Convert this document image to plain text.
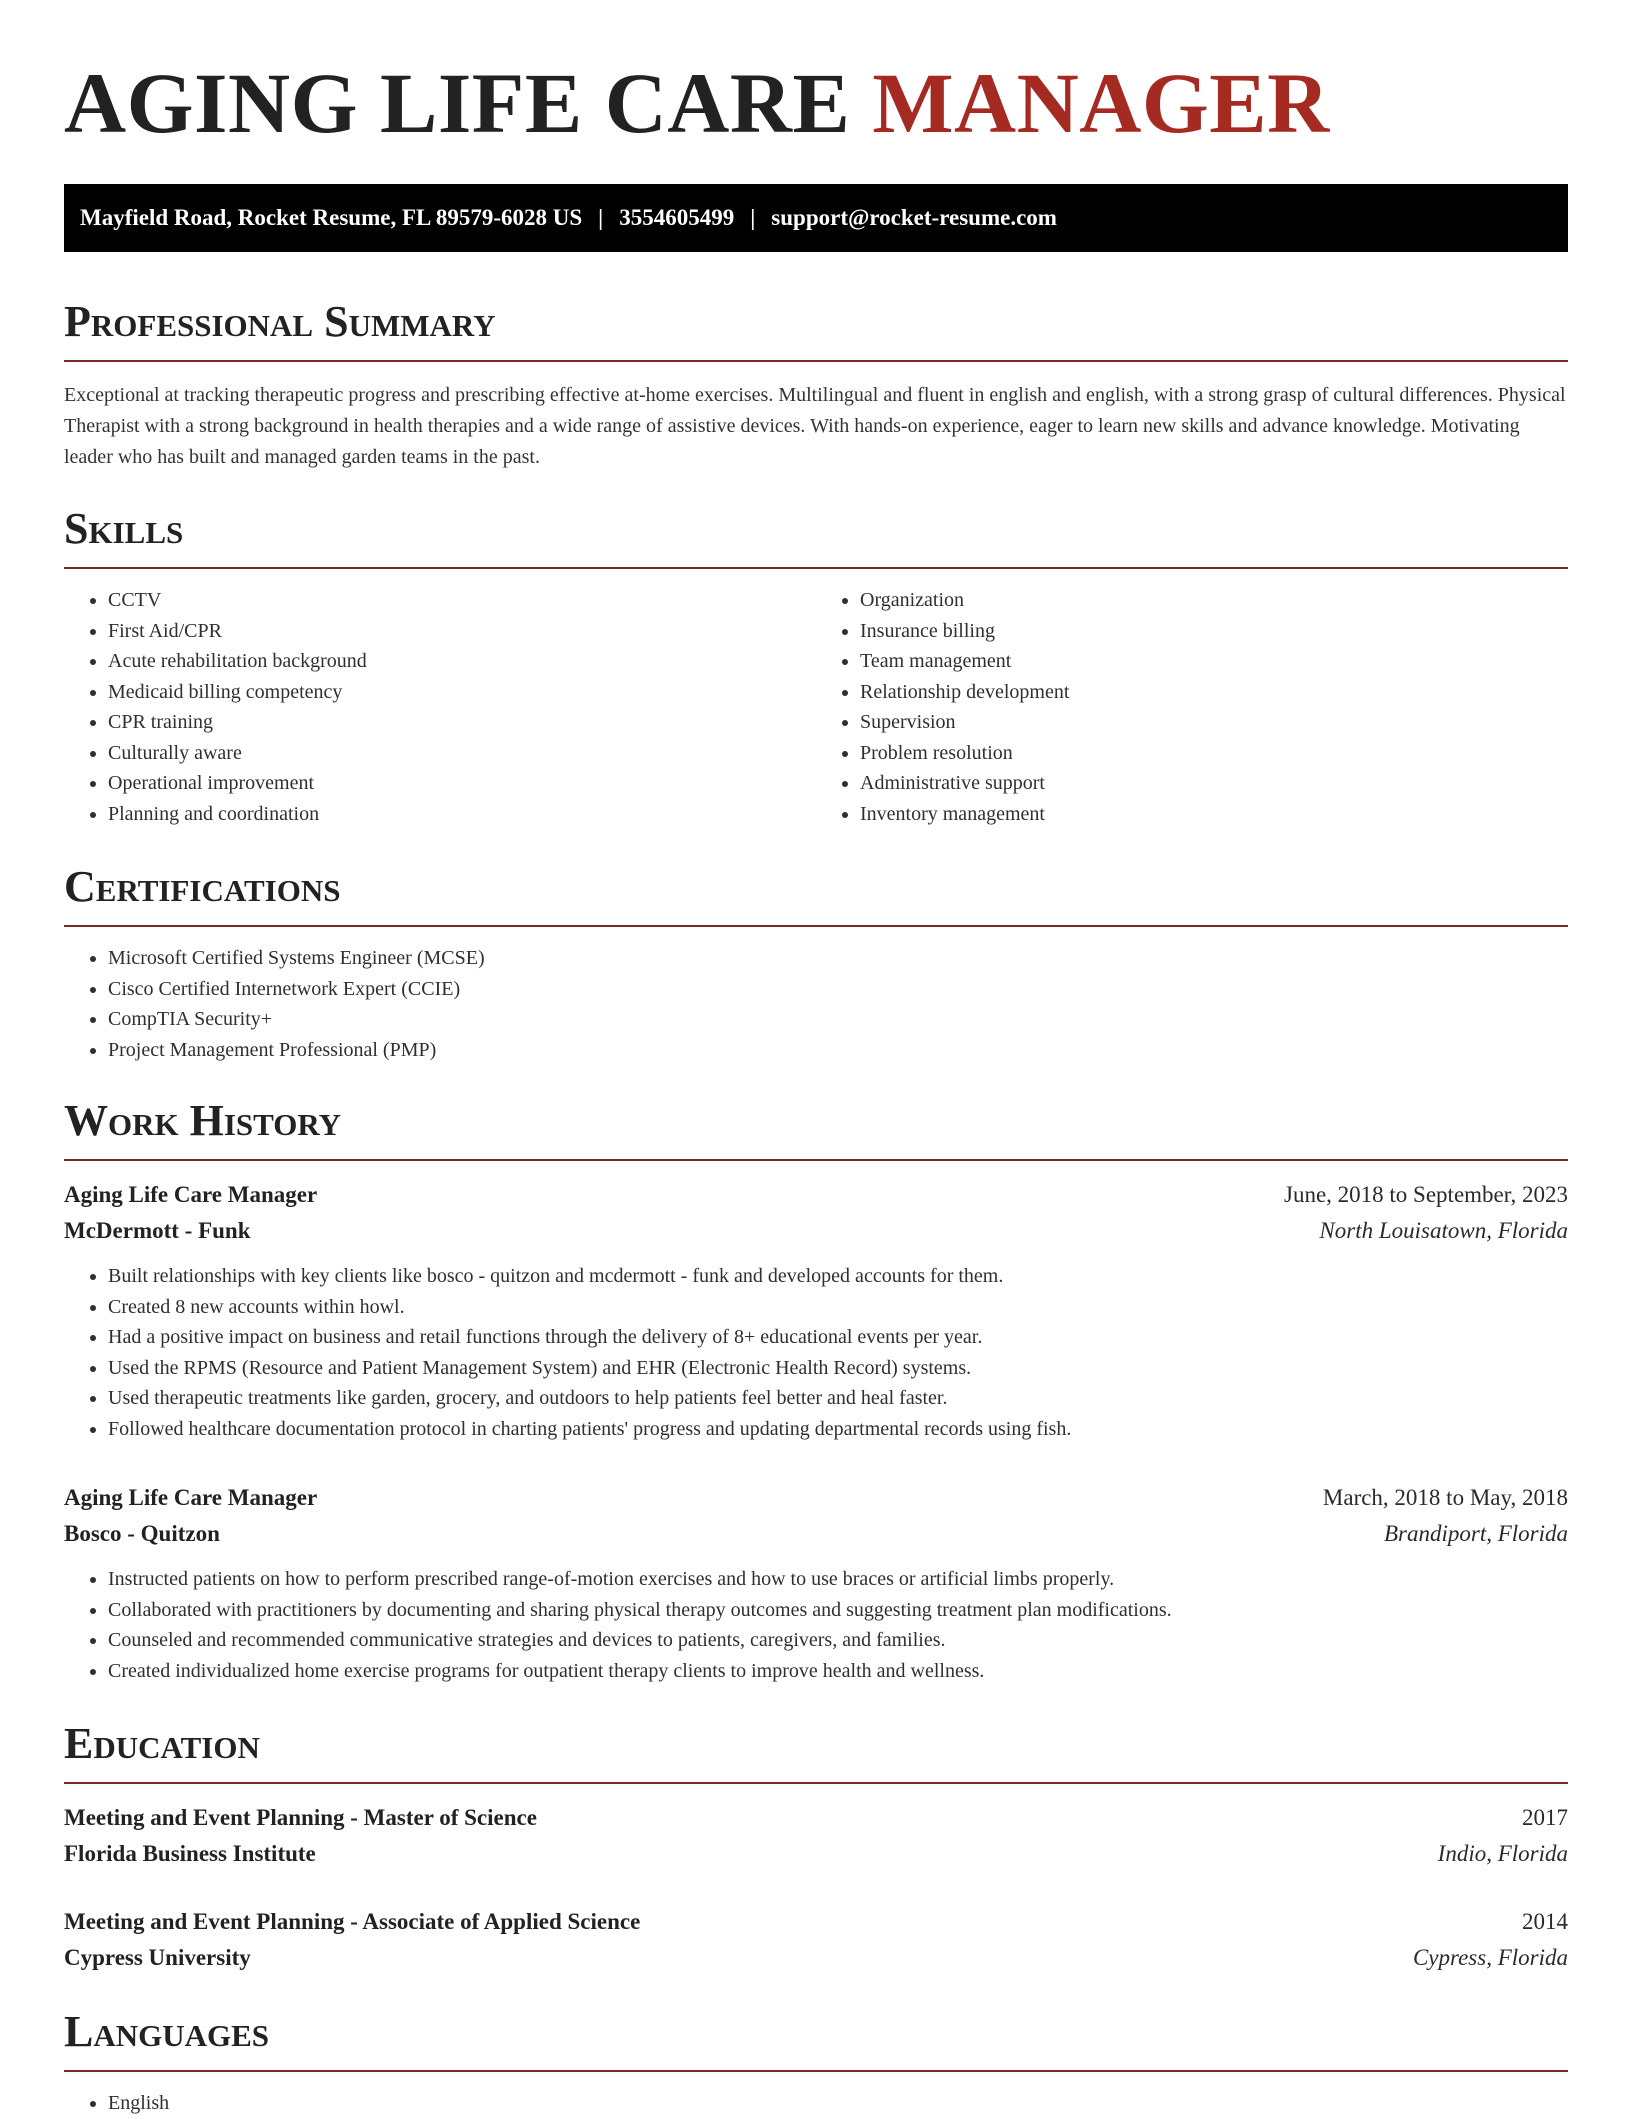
AGING LIFE CARE MANAGER
Mayfield Road, Rocket Resume, FL 89579-6028 US | 3554605499 | support@rocket-resume.com
Professional Summary

Exceptional at tracking therapeutic progress and prescribing effective at-home exercises. Multilingual and fluent in english and english, with a strong grasp of cultural differences. Physical Therapist with a strong background in health therapies and a wide range of assistive devices. With hands-on experience, eager to learn new skills and advance knowledge. Motivating leader who has built and managed garden teams in the past.

Skills
• CCTV
• First Aid/CPR
• Acute rehabilitation background
• Medicaid billing competency
• CPR training
• Culturally aware
• Operational improvement
• Planning and coordination
• Organization
• Insurance billing
• Team management
• Relationship development
• Supervision
• Problem resolution
• Administrative support
• Inventory management
Certifications
• Microsoft Certified Systems Engineer (MCSE)
• Cisco Certified Internetwork Expert (CCIE)
• CompTIA Security+
• Project Management Professional (PMP)
Work History
Aging Life Care Manager	June, 2018 to September, 2023
McDermott - Funk	North Louisatown, Florida
• Built relationships with key clients like bosco - quitzon and mcdermott - funk and developed accounts for them.
• Created 8 new accounts within howl.
• Had a positive impact on business and retail functions through the delivery of 8+ educational events per year.
• Used the RPMS (Resource and Patient Management System) and EHR (Electronic Health Record) systems.
• Used therapeutic treatments like garden, grocery, and outdoors to help patients feel better and heal faster.
• Followed healthcare documentation protocol in charting patients' progress and updating departmental records using fish.
Aging Life Care Manager	March, 2018 to May, 2018
Bosco - Quitzon	Brandiport, Florida
• Instructed patients on how to perform prescribed range-of-motion exercises and how to use braces or artificial limbs properly.
• Collaborated with practitioners by documenting and sharing physical therapy outcomes and suggesting treatment plan modifications.
• Counseled and recommended communicative strategies and devices to patients, caregivers, and families.
• Created individualized home exercise programs for outpatient therapy clients to improve health and wellness.
Education
Meeting and Event Planning - Master of Science	2017
Florida Business Institute	Indio, Florida
Meeting and Event Planning - Associate of Applied Science	2014
Cypress University	Cypress, Florida
Languages
• English
